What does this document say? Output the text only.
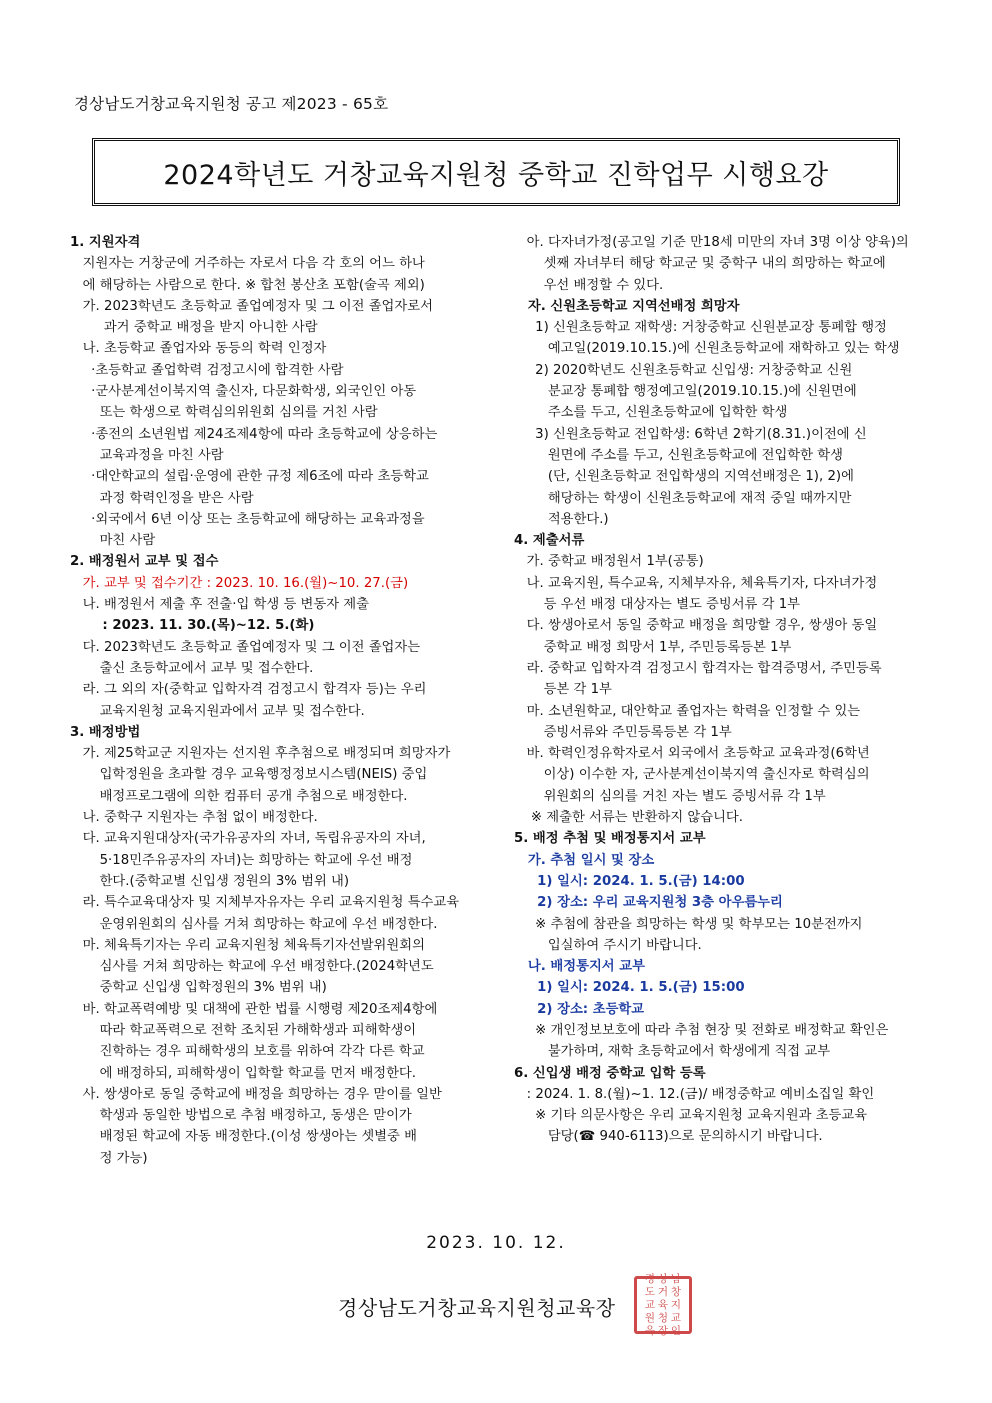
경상남도거창교육지원청 공고 제2023 - 65호
2024학년도 거창교육지원청 중학교 진학업무 시행요강
1. 지원자격
지원자는 거창군에 거주하는 자로서 다음 각 호의 어느 하나
에 해당하는 사람으로 한다. ※ 합천 봉산초 포함(술곡 제외)
가. 2023학년도 초등학교 졸업예정자 및 그 이전 졸업자로서
과거 중학교 배정을 받지 아니한 사람
나. 초등학교 졸업자와 동등의 학력 인정자
·초등학교 졸업학력 검정고시에 합격한 사람
·군사분계선이북지역 출신자, 다문화학생, 외국인인 아동
또는 학생으로 학력심의위원회 심의를 거친 사람
·종전의 소년원법 제24조제4항에 따라 초등학교에 상응하는
교육과정을 마친 사람
·대안학교의 설립·운영에 관한 규정 제6조에 따라 초등학교
과정 학력인정을 받은 사람
·외국에서 6년 이상 또는 초등학교에 해당하는 교육과정을
마친 사람
2. 배정원서 교부 및 접수
가. 교부 및 접수기간 : 2023. 10. 16.(월)~10. 27.(금)
나. 배정원서 제출 후 전출·입 학생 등 변동자 제출
: 2023. 11. 30.(목)~12. 5.(화)
다. 2023학년도 초등학교 졸업예정자 및 그 이전 졸업자는
출신 초등학교에서 교부 및 접수한다.
라. 그 외의 자(중학교 입학자격 검정고시 합격자 등)는 우리
교육지원청 교육지원과에서 교부 및 접수한다.
3. 배정방법
가. 제25학교군 지원자는 선지원 후추첨으로 배정되며 희망자가
입학정원을 초과할 경우 교육행정정보시스템(NEIS) 중입
배정프로그램에 의한 컴퓨터 공개 추첨으로 배정한다.
나. 중학구 지원자는 추첨 없이 배정한다.
다. 교육지원대상자(국가유공자의 자녀, 독립유공자의 자녀,
5·18민주유공자의 자녀)는 희망하는 학교에 우선 배정
한다.(중학교별 신입생 정원의 3% 범위 내)
라. 특수교육대상자 및 지체부자유자는 우리 교육지원청 특수교육
운영위원회의 심사를 거쳐 희망하는 학교에 우선 배정한다.
마. 체육특기자는 우리 교육지원청 체육특기자선발위원회의
심사를 거쳐 희망하는 학교에 우선 배정한다.(2024학년도
중학교 신입생 입학정원의 3% 범위 내)
바. 학교폭력예방 및 대책에 관한 법률 시행령 제20조제4항에
따라 학교폭력으로 전학 조치된 가해학생과 피해학생이
진학하는 경우 피해학생의 보호를 위하여 각각 다른 학교
에 배정하되, 피해학생이 입학할 학교를 먼저 배정한다.
사. 쌍생아로 동일 중학교에 배정을 희망하는 경우 맏이를 일반
학생과 동일한 방법으로 추첨 배정하고, 동생은 맏이가
배정된 학교에 자동 배정한다.(이성 쌍생아는 셋별중 배
정 가능)
아. 다자녀가정(공고일 기준 만18세 미만의 자녀 3명 이상 양육)의
셋째 자녀부터 해당 학교군 및 중학구 내의 희망하는 학교에
우선 배정할 수 있다.
자. 신원초등학교 지역선배정 희망자
1) 신원초등학교 재학생: 거창중학교 신원분교장 통폐합 행정
예고일(2019.10.15.)에 신원초등학교에 재학하고 있는 학생
2) 2020학년도 신원초등학교 신입생: 거창중학교 신원
분교장 통폐합 행정예고일(2019.10.15.)에 신원면에
주소를 두고, 신원초등학교에 입학한 학생
3) 신원초등학교 전입학생: 6학년 2학기(8.31.)이전에 신
원면에 주소를 두고, 신원초등학교에 전입학한 학생
(단, 신원초등학교 전입학생의 지역선배정은 1), 2)에
해당하는 학생이 신원초등학교에 재적 중일 때까지만
적용한다.)
4. 제출서류
가. 중학교 배정원서 1부(공통)
나. 교육지원, 특수교육, 지체부자유, 체육특기자, 다자녀가정
등 우선 배정 대상자는 별도 증빙서류 각 1부
다. 쌍생아로서 동일 중학교 배정을 희망할 경우, 쌍생아 동일
중학교 배정 희망서 1부, 주민등록등본 1부
라. 중학교 입학자격 검정고시 합격자는 합격증명서, 주민등록
등본 각 1부
마. 소년원학교, 대안학교 졸업자는 학력을 인정할 수 있는
증빙서류와 주민등록등본 각 1부
바. 학력인정유학자로서 외국에서 초등학교 교육과정(6학년
이상) 이수한 자, 군사분계선이북지역 출신자로 학력심의
위원회의 심의를 거친 자는 별도 증빙서류 각 1부
※ 제출한 서류는 반환하지 않습니다.
5. 배정 추첨 및 배정통지서 교부
가. 추첨 일시 및 장소
1) 일시: 2024. 1. 5.(금) 14:00
2) 장소: 우리 교육지원청 3층 아우름누리
※ 추첨에 참관을 희망하는 학생 및 학부모는 10분전까지
입실하여 주시기 바랍니다.
나. 배정통지서 교부
1) 일시: 2024. 1. 5.(금) 15:00
2) 장소: 초등학교
※ 개인정보보호에 따라 추첨 현장 및 전화로 배정학교 확인은
불가하며, 재학 초등학교에서 학생에게 직접 교부
6. 신입생 배정 중학교 입학 등록
: 2024. 1. 8.(월)~1. 12.(금)/ 배정중학교 예비소집일 확인
※ 기타 의문사항은 우리 교육지원청 교육지원과 초등교육
담당(☎ 940-6113)으로 문의하시기 바랍니다.
2023. 10. 12.
경상남도거창교육지원청교육장
경 상 남
도 거 창
교 육 지
원 청 교
육 장 인
